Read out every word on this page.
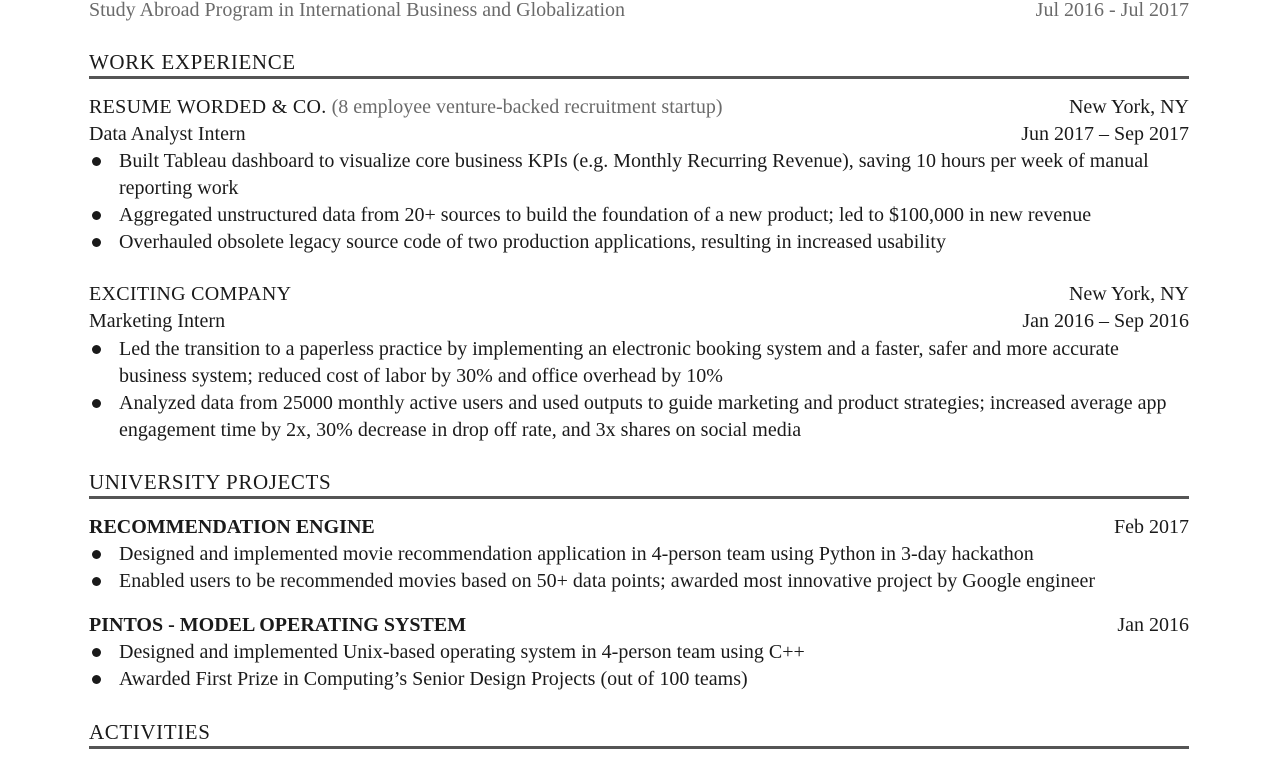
Study Abroad Program in International Business and Globalization	Jul 2016 - Jul 2017
WORK EXPERIENCE
RESUME WORDED & CO. (8 employee venture-backed recruitment startup)	New York, NY
Data Analyst Intern	Jun 2017 – Sep 2017
Built Tableau dashboard to visualize core business KPIs (e.g. Monthly Recurring Revenue), saving 10 hours per week of manual reporting work
Aggregated unstructured data from 20+ sources to build the foundation of a new product; led to $100,000 in new revenue
Overhauled obsolete legacy source code of two production applications, resulting in increased usability
EXCITING COMPANY	New York, NY
Marketing Intern	Jan 2016 – Sep 2016
Led the transition to a paperless practice by implementing an electronic booking system and a faster, safer and more accurate business system; reduced cost of labor by 30% and office overhead by 10%
Analyzed data from 25000 monthly active users and used outputs to guide marketing and product strategies; increased average app engagement time by 2x, 30% decrease in drop off rate, and 3x shares on social media
UNIVERSITY PROJECTS
RECOMMENDATION ENGINE	Feb 2017
Designed and implemented movie recommendation application in 4-person team using Python in 3-day hackathon
Enabled users to be recommended movies based on 50+ data points; awarded most innovative project by Google engineer
PINTOS - MODEL OPERATING SYSTEM	Jan 2016
Designed and implemented Unix-based operating system in 4-person team using C++
Awarded First Prize in Computing’s Senior Design Projects (out of 100 teams)
ACTIVITIES
